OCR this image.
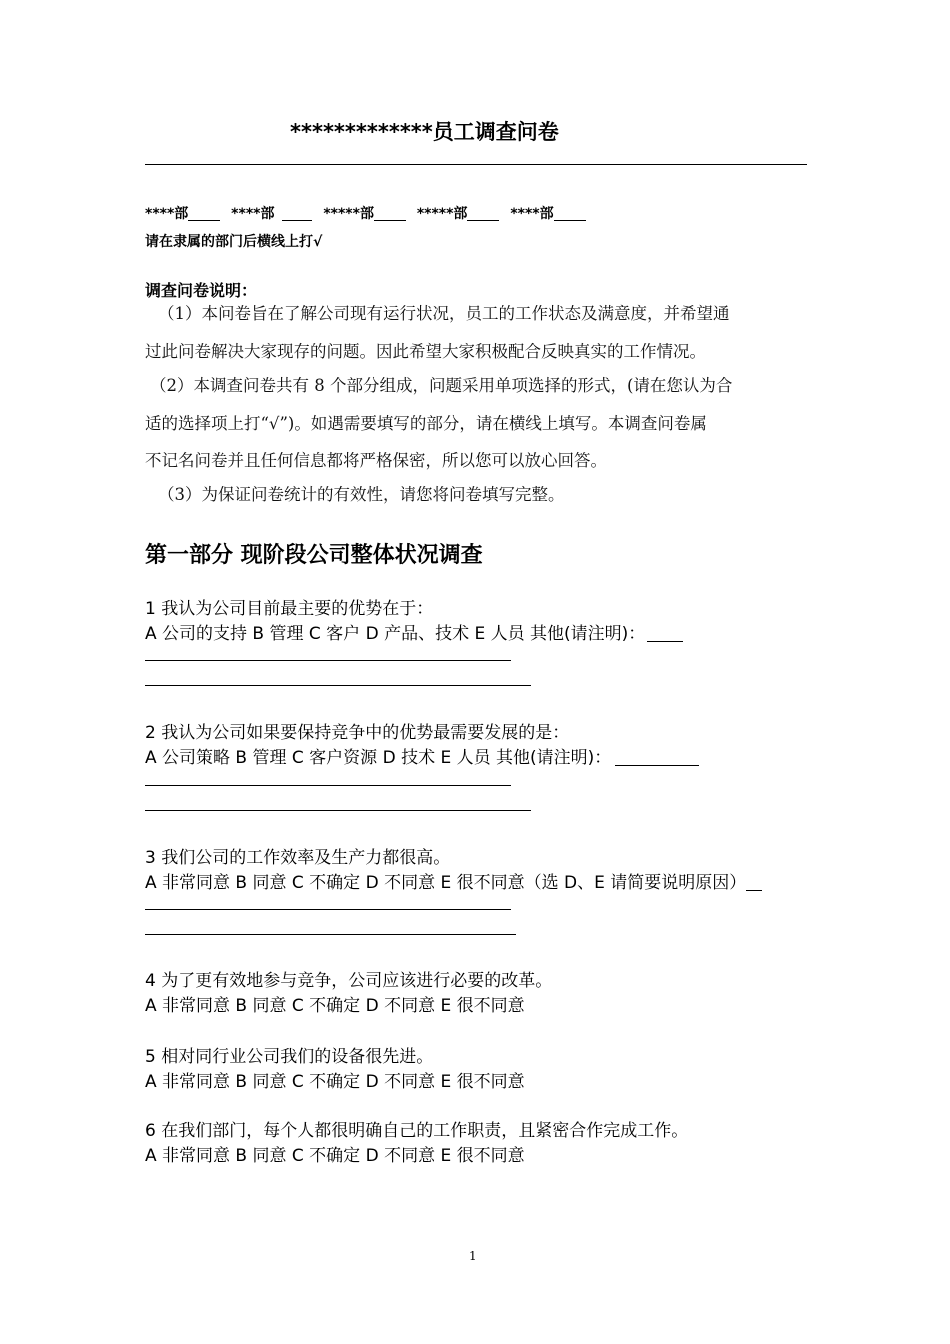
*************员工调查问卷
****部	****部	*****部	*****部	****部
请在隶属的部门后横线上打√
调查问卷说明：
（1）本问卷旨在了解公司现有运行状况，员工的工作状态及满意度，并希望通
过此问卷解决大家现存的问题。因此希望大家积极配合反映真实的工作情况。
（2）本调查问卷共有 8 个部分组成，问题采用单项选择的形式，(请在您认为合
适的选择项上打“√”)。如遇需要填写的部分，请在横线上填写。本调查问卷属
不记名问卷并且任何信息都将严格保密，所以您可以放心回答。
（3）为保证问卷统计的有效性，请您将问卷填写完整。
第一部分 现阶段公司整体状况调查
1 我认为公司目前最主要的优势在于：
A 公司的支持 B 管理 C 客户 D 产品、技术 E 人员 其他(请注明)：
2 我认为公司如果要保持竞争中的优势最需要发展的是：
A 公司策略 B 管理 C 客户资源 D 技术 E 人员 其他(请注明)：
3 我们公司的工作效率及生产力都很高。
A 非常同意 B 同意 C 不确定 D 不同意 E 很不同意（选 D、E 请简要说明原因）
4 为了更有效地参与竞争，公司应该进行必要的改革。
A 非常同意 B 同意 C 不确定 D 不同意 E 很不同意
5 相对同行业公司我们的设备很先进。
A 非常同意 B 同意 C 不确定 D 不同意 E 很不同意
6 在我们部门，每个人都很明确自己的工作职责，且紧密合作完成工作。
A 非常同意 B 同意 C 不确定 D 不同意 E 很不同意
1
